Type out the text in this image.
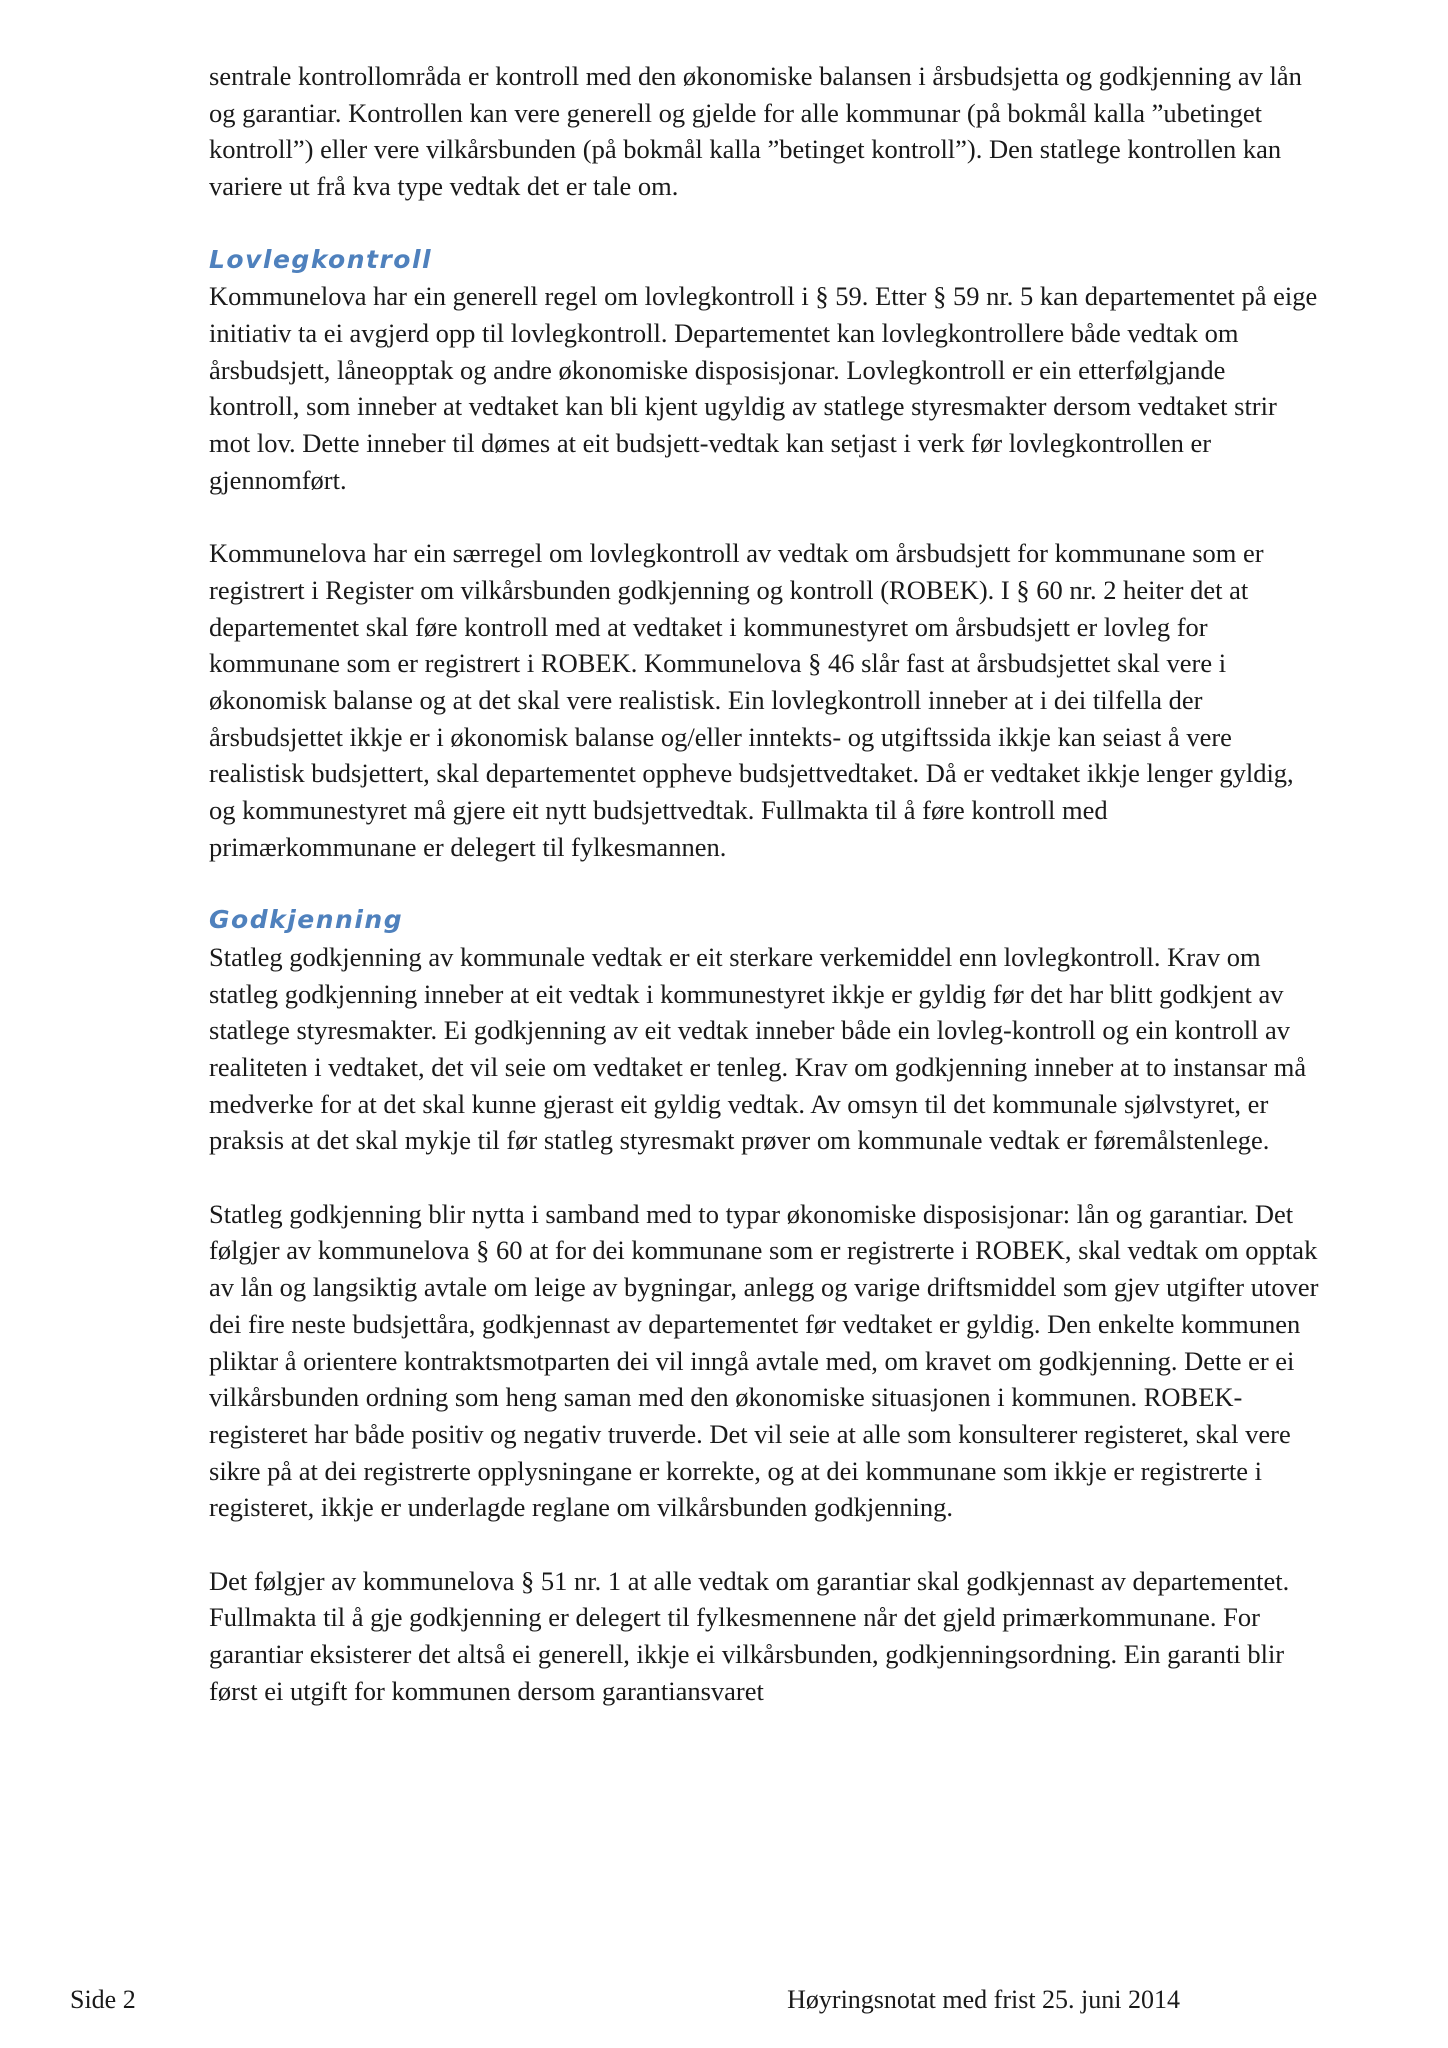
sentrale kontrollområda er kontroll med den økonomiske balansen i årsbudsjetta og godkjenning av lån og garantiar. Kontrollen kan vere generell og gjelde for alle kommunar (på bokmål kalla ”ubetinget kontroll”) eller vere vilkårsbunden (på bokmål kalla ”betinget kontroll”). Den statlege kontrollen kan variere ut frå kva type vedtak det er tale om.

Lovlegkontroll

Kommunelova har ein generell regel om lovlegkontroll i § 59. Etter § 59 nr. 5 kan departementet på eige initiativ ta ei avgjerd opp til lovlegkontroll. Departementet kan lovlegkontrollere både vedtak om årsbudsjett, låneopptak og andre økonomiske disposisjonar. Lovlegkontroll er ein etterfølgjande kontroll, som inneber at vedtaket kan bli kjent ugyldig av statlege styresmakter dersom vedtaket strir mot lov. Dette inneber til dømes at eit budsjett-vedtak kan setjast i verk før lovlegkontrollen er gjennomført.

Kommunelova har ein særregel om lovlegkontroll av vedtak om årsbudsjett for kommunane som er registrert i Register om vilkårsbunden godkjenning og kontroll (ROBEK). I § 60 nr. 2 heiter det at departementet skal føre kontroll med at vedtaket i kommunestyret om årsbudsjett er lovleg for kommunane som er registrert i ROBEK. Kommunelova § 46 slår fast at årsbudsjettet skal vere i økonomisk balanse og at det skal vere realistisk. Ein lovlegkontroll inneber at i dei tilfella der årsbudsjettet ikkje er i økonomisk balanse og/eller inntekts- og utgiftssida ikkje kan seiast å vere realistisk budsjettert, skal departementet oppheve budsjettvedtaket. Då er vedtaket ikkje lenger gyldig, og kommunestyret må gjere eit nytt budsjettvedtak. Fullmakta til å føre kontroll med primærkommunane er delegert til fylkesmannen.

Godkjenning

Statleg godkjenning av kommunale vedtak er eit sterkare verkemiddel enn lovlegkontroll. Krav om statleg godkjenning inneber at eit vedtak i kommunestyret ikkje er gyldig før det har blitt godkjent av statlege styresmakter. Ei godkjenning av eit vedtak inneber både ein lovleg-kontroll og ein kontroll av realiteten i vedtaket, det vil seie om vedtaket er tenleg. Krav om godkjenning inneber at to instansar må medverke for at det skal kunne gjerast eit gyldig vedtak. Av omsyn til det kommunale sjølvstyret, er praksis at det skal mykje til før statleg styresmakt prøver om kommunale vedtak er føremålstenlege.

Statleg godkjenning blir nytta i samband med to typar økonomiske disposisjonar: lån og garantiar. Det følgjer av kommunelova § 60 at for dei kommunane som er registrerte i ROBEK, skal vedtak om opptak av lån og langsiktig avtale om leige av bygningar, anlegg og varige driftsmiddel som gjev utgifter utover dei fire neste budsjettåra, godkjennast av departementet før vedtaket er gyldig. Den enkelte kommunen pliktar å orientere kontraktsmotparten dei vil inngå avtale med, om kravet om godkjenning. Dette er ei vilkårsbunden ordning som heng saman med den økonomiske situasjonen i kommunen. ROBEK-registeret har både positiv og negativ truverde. Det vil seie at alle som konsulterer registeret, skal vere sikre på at dei registrerte opplysningane er korrekte, og at dei kommunane som ikkje er registrerte i registeret, ikkje er underlagde reglane om vilkårsbunden godkjenning.

Det følgjer av kommunelova § 51 nr. 1 at alle vedtak om garantiar skal godkjennast av departementet. Fullmakta til å gje godkjenning er delegert til fylkesmennene når det gjeld primærkommunane. For garantiar eksisterer det altså ei generell, ikkje ei vilkårsbunden, godkjenningsordning. Ein garanti blir først ei utgift for kommunen dersom garantiansvaret

Side 2	Høyringsnotat med frist 25. juni 2014
